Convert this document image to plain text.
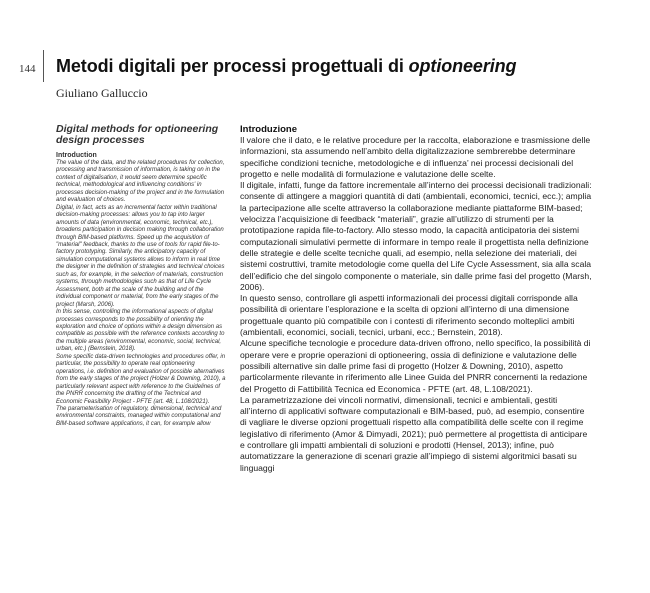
144 Metodi digitali per processi progettuali di optioneering
Giuliano Galluccio

Digital methods for optioneering design processes

Introduction

The value of the data, and the related procedures for collection, processing and transmission of information, is taking on in the context of digitalisation, it would seem determine specific technical, methodological and influencing conditions' in processes decision-making of the project and in the formulation and evaluation of choices.

Digital, in fact, acts as an incremental factor within traditional decision-making processes: allows you to tap into larger amounts of data (environmental, economic, technical, etc.), broadens participation in decision making through collaboration through BIM-based platforms. Speed up the acquisition of "material" feedback, thanks to the use of tools for rapid file-to-factory prototyping. Similarly, the anticipatory capacity of simulation computational systems allows to inform in real time the designer in the definition of strategies and technical choices such as, for example, in the selection of materials, construction systems, through methodologies such as that of Life Cycle Assessment, both at the scale of the building and of the individual component or material, from the early stages of the project (Marsh, 2006).

In this sense, controlling the informational aspects of digital processes corresponds to the possibility of orienting the exploration and choice of options within a design dimension as compatible as possible with the reference contexts according to the multiple areas (environmental, economic, social, technical, urban, etc.) (Bernstein, 2018).

Some specific data-driven technologies and procedures offer, in particular, the possibility to operate real optioneering operations, i.e. definition and evaluation of possible alternatives from the early stages of the project (Holzer & Downing, 2010), a particularly relevant aspect with reference to the Guidelines of the PNRR concerning the drafting of the Technical and Economic Feasibility Project - PFTE (art. 48, L.108/2021).

The parameterisation of regulatory, dimensional, technical and environmental constraints, managed within computational and BIM-based software applications, it can, for example allow

Introduzione

Il valore che il dato, e le relative procedure per la raccolta, elaborazione e trasmissione delle informazioni, sta assumendo nell’ambito della digitalizzazione sembrerebbe determinare specifiche condizioni tecniche, metodologiche e di influenza’ nei processi decisionali del progetto e nelle modalità di formulazione e valutazione delle scelte.

Il digitale, infatti, funge da fattore incrementale all’interno dei processi decisionali tradizionali: consente di attingere a maggiori quantità di dati (ambientali, economici, tecnici, ecc.); amplia la partecipazione alle scelte attraverso la collaborazione mediante piattaforme BIM-based; velocizza l’acquisizione di feedback “materiali”, grazie all’utilizzo di strumenti per la prototipazione rapida file-to-factory. Allo stesso modo, la capacità anticipatoria dei sistemi computazionali simulativi permette di informare in tempo reale il progettista nella definizione delle strategie e delle scelte tecniche quali, ad esempio, nella selezione dei materiali, dei sistemi costruttivi, tramite metodologie come quella del Life Cycle Assessment, sia alla scala dell’edificio che del singolo componente o materiale, sin dalle prime fasi del progetto (Marsh, 2006).

In questo senso, controllare gli aspetti informazionali dei processi digitali corrisponde alla possibilità di orientare l’esplorazione e la scelta di opzioni all’interno di una dimensione progettuale quanto più compatibile con i contesti di riferimento secondo molteplici ambiti (ambientali, economici, sociali, tecnici, urbani, ecc.; Bernstein, 2018).

Alcune specifiche tecnologie e procedure data-driven offrono, nello specifico, la possibilità di operare vere e proprie operazioni di optioneering, ossia di definizione e valutazione delle possibili alternative sin dalle prime fasi di progetto (Holzer & Downing, 2010), aspetto particolarmente rilevante in riferimento alle Linee Guida del PNRR concernenti la redazione del Progetto di Fattibilità Tecnica ed Economica - PFTE (art. 48, L.108/2021).

La parametrizzazione dei vincoli normativi, dimensionali, tecnici e ambientali, gestiti all’interno di applicativi software computazionali e BIM-based, può, ad esempio, consentire di vagliare le diverse opzioni progettuali rispetto alla compatibilità delle scelte con il regime legislativo di riferimento (Amor & Dimyadi, 2021); può permettere al progettista di anticipare e controllare gli impatti ambientali di soluzioni e prodotti (Hensel, 2013); infine, può automatizzare la generazione di scenari grazie all’impiego di sistemi algoritmici basati su linguaggi
